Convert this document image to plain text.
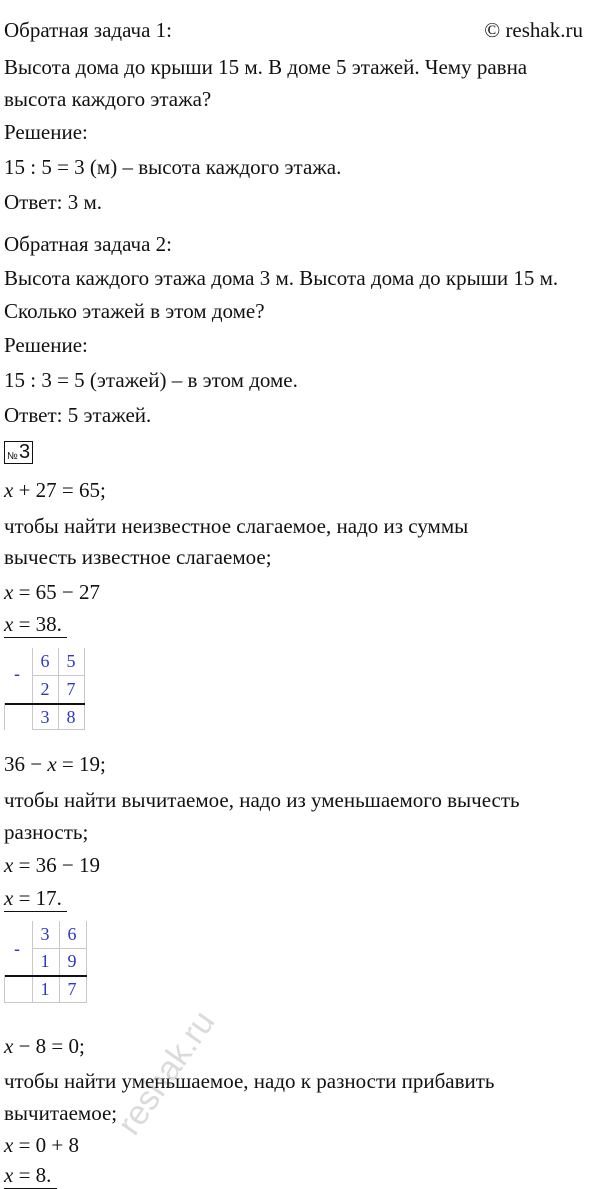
Обратная задача 1:	© reshak.ru
Высота дома до крыши 15 м. В доме 5 этажей. Чему равна
высота каждого этажа?
Решение:
15 : 5 = 3 (м) – высота каждого этажа.
Ответ: 3 м.
Обратная задача 2:
Высота каждого этажа дома 3 м. Высота дома до крыши 15 м.
Сколько этажей в этом доме?
Решение:
15 : 3 = 5 (этажей) – в этом доме.
Ответ: 5 этажей.
№ 3
x + 27 = 65;
чтобы найти неизвестное слагаемое, надо из суммы
вычесть известное слагаемое;
x = 65 − 27
x = 38.
-
6 5
2 7
3 8
36 − x = 19;
чтобы найти вычитаемое, надо из уменьшаемого вычесть
разность;
x = 36 − 19
x = 17.
-
3	6
1	9
1	7
x − 8 = 0;
чтобы найти уменьшаемое, надо к разности прибавить
вычитаемое;
x = 0 + 8
x = 8.
reshak.ru
